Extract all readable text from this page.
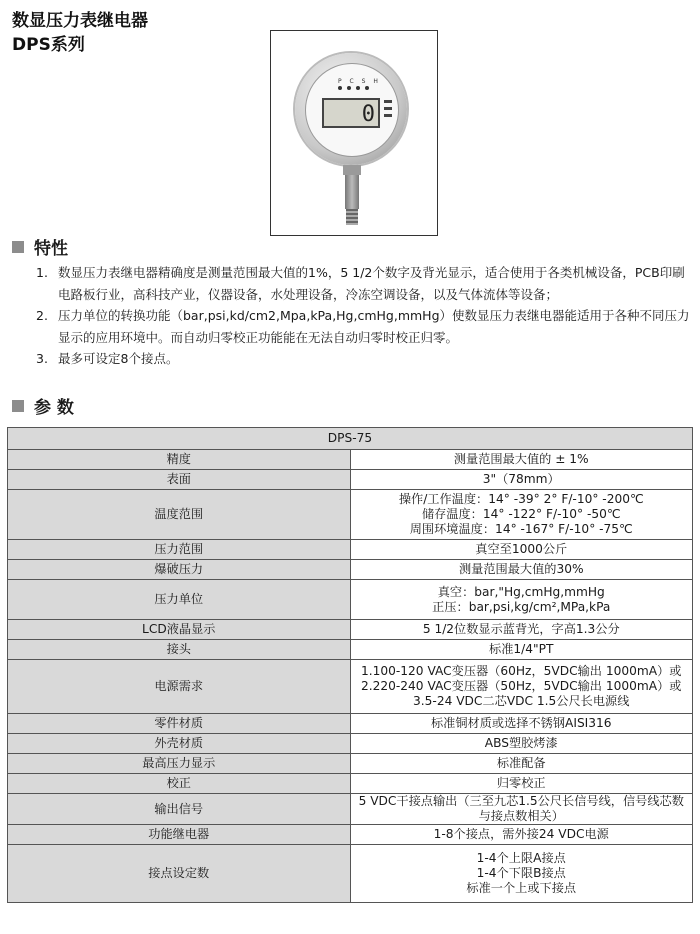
数显压力表继电器
DPS系列
P C S H
0
特性
1. 数显压力表继电器精确度是测量范围最大值的1%，5 1/2个数字及背光显示，适合使用于各类机械设备，PCB印刷电路板行业，高科技产业，仪器设备，水处理设备，冷冻空调设备，以及气体流体等设备；
2. 压力单位的转换功能（bar,psi,kd/cm2,Mpa,kPa,Hg,cmHg,mmHg）使数显压力表继电器能适用于各种不同压力显示的应用环境中。而自动归零校正功能能在无法自动归零时校正归零。
3. 最多可设定8个接点。
参 数
DPS-75	
精度	测量范围最大值的 ± 1%

表面	3"（78mm）

温度范围	操作/工作温度：14° -39° 2° F/-10° -200℃
储存温度：14° -122° F/-10° -50℃
周围环境温度：14° -167° F/-10° -75℃

压力范围	真空至1000公斤

爆破压力	测量范围最大值的30%

压力单位	真空：bar,"Hg,cmHg,mmHg
正压：bar,psi,kg/cm²,MPa,kPa

LCD液晶显示	5 1/2位数显示蓝背光，字高1.3公分

接头	标准1/4"PT

电源需求	1.100-120 VAC变压器（60Hz，5VDC输出 1000mA）或
2.220-240 VAC变压器（50Hz，5VDC输出 1000mA）或
3.5-24 VDC二芯VDC 1.5公尺长电源线

零件材质	标准铜材质或选择不锈钢AISI316

外壳材质	ABS塑胶烤漆

最高压力显示	标准配备

校正	归零校正

输出信号	5 VDC干接点输出（三至九芯1.5公尺长信号线，信号线芯数与接点数相关）

功能继电器	1-8个接点，需外接24 VDC电源

接点设定数	1-4个上限A接点
1-4个下限B接点
标准一个上或下接点
